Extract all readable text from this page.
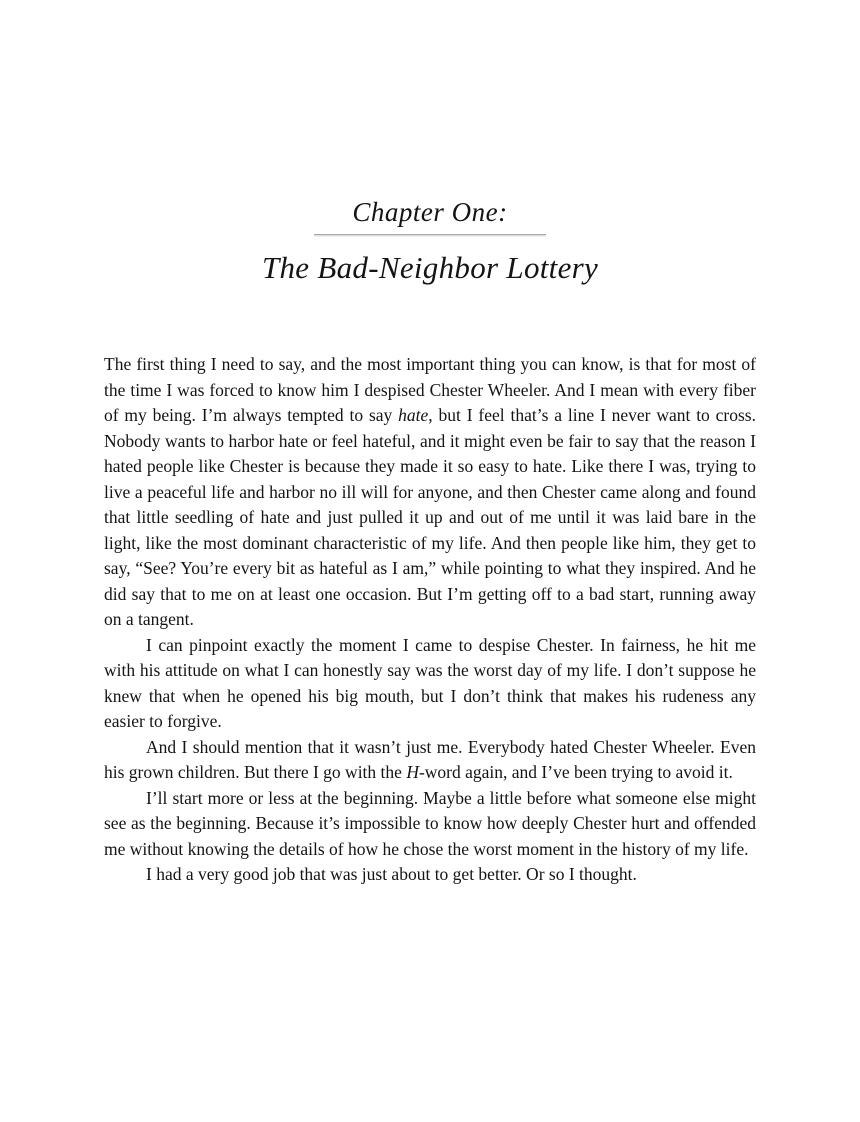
Chapter One:
The Bad-Neighbor Lottery

The first thing I need to say, and the most important thing you can know, is that for most of the time I was forced to know him I despised Chester Wheeler. And I mean with every fiber of my being. I’m always tempted to say hate, but I feel that’s a line I never want to cross. Nobody wants to harbor hate or feel hateful, and it might even be fair to say that the reason I hated people like Chester is because they made it so easy to hate. Like there I was, trying to live a peaceful life and harbor no ill will for anyone, and then Chester came along and found that little seedling of hate and just pulled it up and out of me until it was laid bare in the light, like the most dominant characteristic of my life. And then people like him, they get to say, “See? You’re every bit as hateful as I am,” while pointing to what they inspired. And he did say that to me on at least one occasion. But I’m getting off to a bad start, running away on a tangent.

I can pinpoint exactly the moment I came to despise Chester. In fairness, he hit me with his attitude on what I can honestly say was the worst day of my life. I don’t suppose he knew that when he opened his big mouth, but I don’t think that makes his rudeness any easier to forgive.

And I should mention that it wasn’t just me. Everybody hated Chester Wheeler. Even his grown children. But there I go with the H-word again, and I’ve been trying to avoid it.

I’ll start more or less at the beginning. Maybe a little before what someone else might see as the beginning. Because it’s impossible to know how deeply Chester hurt and offended me without knowing the details of how he chose the worst moment in the history of my life.

I had a very good job that was just about to get better. Or so I thought.
